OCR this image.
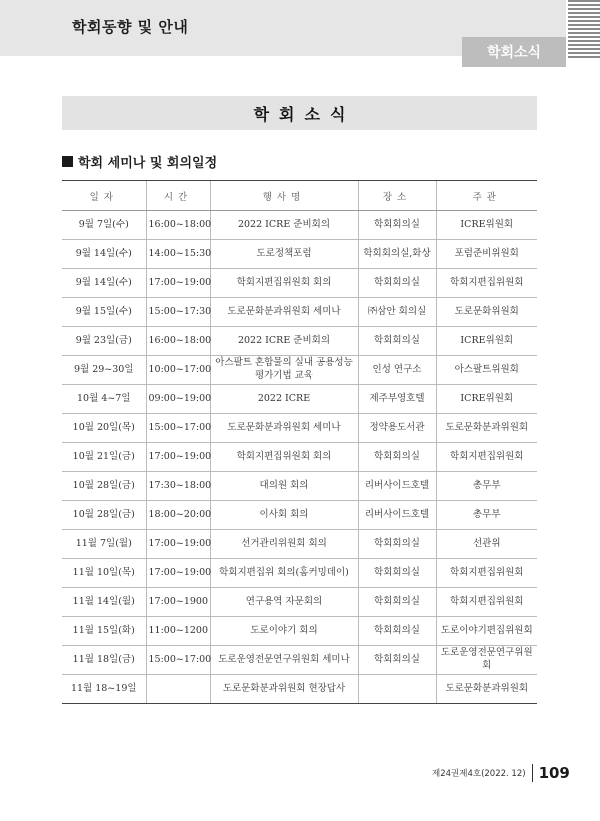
학회동향 및 안내
학회소식
학회소식
학회 세미나 및 회의일정
일자	시간	행사명	장소	주관
9월 7일(수)	16:00~18:00	2022 ICRE 준비회의	학회회의실	ICRE위원회
9월 14일(수)	14:00~15:30	도로정책포럼	학회회의실,화상	포럼준비위원회
9월 14일(수)	17:00~19:00	학회지편집위원회 회의	학회회의실	학회지편집위원회
9월 15일(수)	15:00~17:30	도로문화분과위원회 세미나	㈜삼안 회의실	도로문화위원회
9월 23일(금)	16:00~18:00	2022 ICRE 준비회의	학회회의실	ICRE위원회
9월 29~30일	10:00~17:00	아스팔트 혼합물의 실내 공용성능 평가기법 교육	인성 연구소	아스팔트위원회
10월 4~7일	09:00~19:00	2022 ICRE	제주부영호텔	ICRE위원회
10월 20일(목)	15:00~17:00	도로문화분과위원회 세미나	정약용도서관	도로문화분과위원회
10월 21일(금)	17:00~19:00	학회지편집위원회 회의	학회회의실	학회지편집위원회
10월 28일(금)	17:30~18:00	대의원 회의	리버사이드호텔	총무부
10월 28일(금)	18:00~20:00	이사회 회의	리버사이드호텔	총무부
11월 7일(월)	17:00~19:00	선거관리위원회 회의	학회회의실	선관위
11월 10일(목)	17:00~19:00	학회지편집위 회의(홈커밍데이)	학회회의실	학회지편집위원회
11월 14일(월)	17:00~1900	연구용역 자문회의	학회회의실	학회지편집위원회
11월 15일(화)	11:00~1200	도로이야기 회의	학회회의실	도로이야기편집위원회
11월 18일(금)	15:00~17:00	도로운영전문연구위원회 세미나	학회회의실	도로운영전문연구위원회
11월 18~19일		도로문화분과위원회 현장답사		도로문화분과위원회
제24권제4호(2022. 12) 109
